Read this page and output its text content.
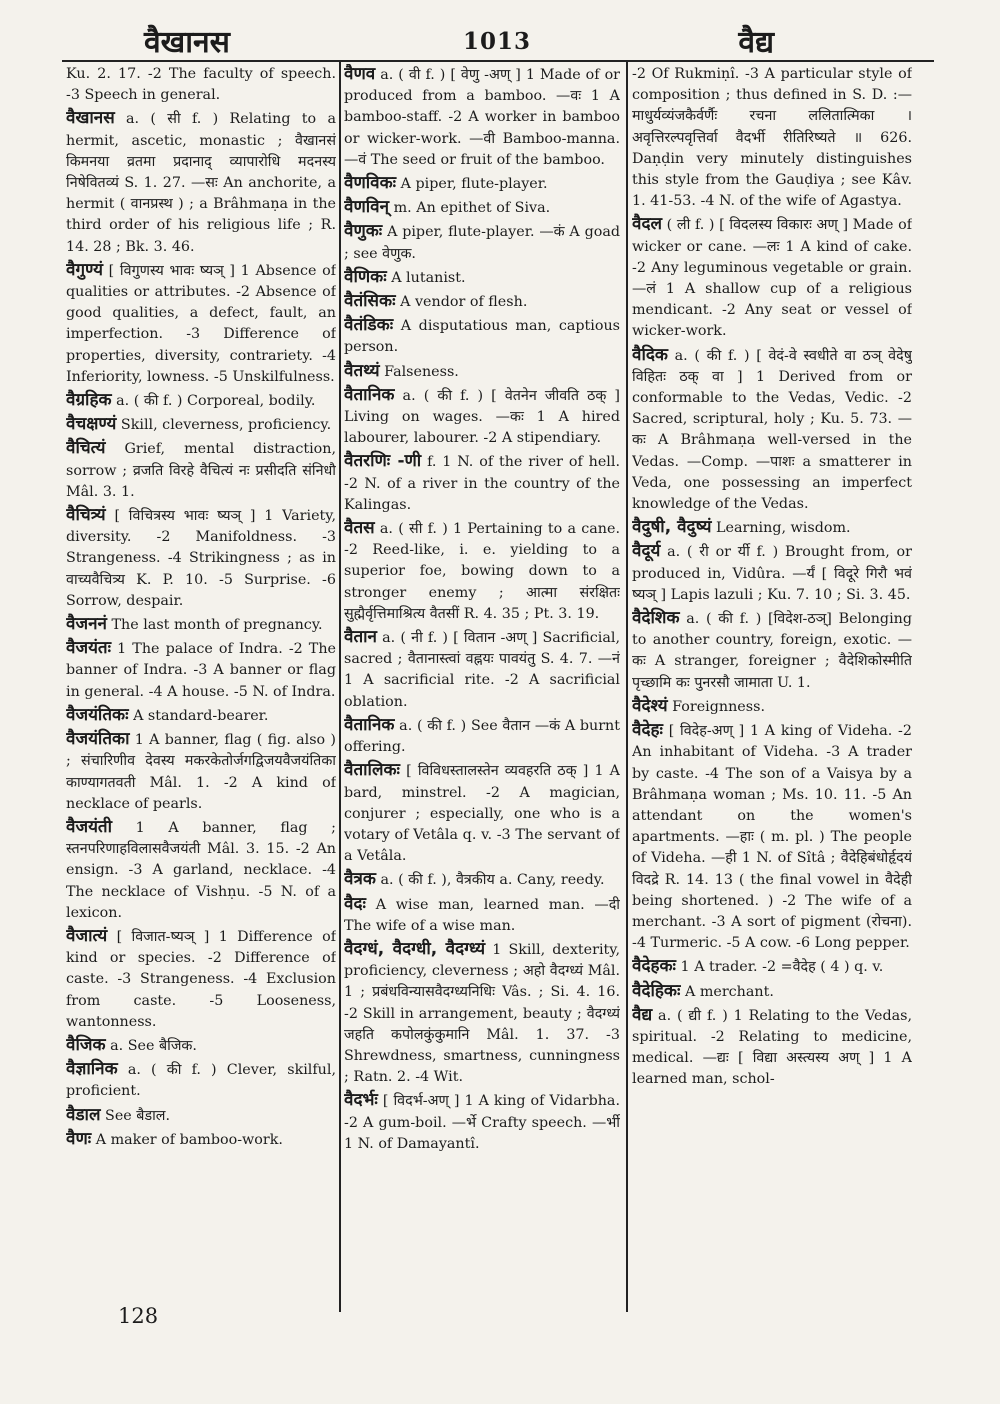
वैखानस	1013	वैद्य

Ku. 2. 17. -2 The faculty of speech. -3 Speech in general.

वैखानस a. ( सी f. ) Relating to a hermit, ascetic, monastic ; वैखानसं किमनया व्रतमा प्रदानाद् व्यापारोधि मदनस्य निषेवितव्यं S. 1. 27. —सः An anchorite, a hermit ( वानप्रस्थ ) ; a Brâhmaṇa in the third order of his religious life ; R. 14. 28 ; Bk. 3. 46.

वैगुण्यं [ विगुणस्य भावः ष्यञ् ] 1 Absence of qualities or attributes. -2 Absence of good qualities, a defect, fault, an imperfection. -3 Difference of properties, diversity, contrariety. -4 Inferiority, lowness. -5 Unskilfulness.

वैग्रहिक a. ( की f. ) Corporeal, bodily.

वैचक्षण्यं Skill, cleverness, proficiency.

वैचित्यं Grief, mental distraction, sorrow ; व्रजति विरहे वैचित्यं नः प्रसीदति संनिधौ Mâl. 3. 1.

वैचित्र्यं [ विचित्रस्य भावः ष्यञ् ] 1 Variety, diversity. -2 Manifoldness. -3 Strangeness. -4 Strikingness ; as in वाच्यवैचित्र्य K. P. 10. -5 Surprise. -6 Sorrow, despair.

वैजननं The last month of pregnancy.

वैजयंतः 1 The palace of Indra. -2 The banner of Indra. -3 A banner or flag in general. -4 A house. -5 N. of Indra.

वैजयंतिकः A standard-bearer.

वैजयंतिका 1 A banner, flag ( fig. also ) ; संचारिणीव देवस्य मकरकेतोर्जगद्विजयवैजयंतिका काण्यागतवती Mâl. 1. -2 A kind of necklace of pearls.

वैजयंती 1 A banner, flag ; स्तनपरिणाहविलासवैजयंती Mâl. 3. 15. -2 An ensign. -3 A garland, necklace. -4 The necklace of Vishṇu. -5 N. of a lexicon.

वैजात्यं [ विजात-ष्यञ् ] 1 Difference of kind or species. -2 Difference of caste. -3 Strangeness. -4 Exclusion from caste. -5 Looseness, wantonness.

वैजिक a. See बैजिक.

वैज्ञानिक a. ( की f. ) Clever, skilful, proficient.

वैडाल See बैडाल.

वैणः A maker of bamboo-work.

वैणव a. ( वी f. ) [ वेणु -अण् ] 1 Made of or produced from a bamboo. —वः 1 A bamboo-staff. -2 A worker in bamboo or wicker-work. —वी Bamboo-manna. —वं The seed or fruit of the bamboo.

वैणविकः A piper, flute-player.

वैणविन् m. An epithet of Siva.

वैणुकः A piper, flute-player. —कं A goad ; see वेणुक.

वैणिकः A lutanist.

वैतंसिकः A vendor of flesh.

वैतंडिकः A disputatious man, captious person.

वैतथ्यं Falseness.

वैतानिक a. ( की f. ) [ वेतनेन जीवति ठक् ] Living on wages. —कः 1 A hired labourer, labourer. -2 A stipendiary.

वैतरणिः -णी f. 1 N. of the river of hell. -2 N. of a river in the country of the Kalingas.

वैतस a. ( सी f. ) 1 Pertaining to a cane. -2 Reed-like, i. e. yielding to a superior foe, bowing down to a stronger enemy ; आत्मा संरक्षितः सुह्मैर्वृत्तिमाश्रित्य वैतसीं R. 4. 35 ; Pt. 3. 19.

वैतान a. ( नी f. ) [ वितान -अण् ] Sacrificial, sacred ; वैतानास्त्वां वह्नयः पावयंतु S. 4. 7. —नं 1 A sacrificial rite. -2 A sacrificial oblation.

वैतानिक a. ( की f. ) See वैतान —कं A burnt offering.

वैतालिकः [ विविधस्तालस्तेन व्यवहरति ठक् ] 1 A bard, minstrel. -2 A magician, conjurer ; especially, one who is a votary of Vetâla q. v. -3 The servant of a Vetâla.

वैत्रक a. ( की f. ), वैत्रकीय a. Cany, reedy.

वैदः A wise man, learned man. —दी The wife of a wise man.

वैदग्धं, वैदग्धी, वैदग्ध्यं 1 Skill, dexterity, proficiency, cleverness ; अहो वैदग्ध्यं Mâl. 1 ; प्रबंधविन्यासवैदग्ध्यनिधिः Vâs. ; Si. 4. 16. -2 Skill in arrangement, beauty ; वैदग्ध्यं जहति कपोलकुंकुमानि Mâl. 1. 37. -3 Shrewdness, smartness, cunningness ; Ratn. 2. -4 Wit.

वैदर्भः [ विदर्भ-अण् ] 1 A king of Vidarbha. -2 A gum-boil. —र्भे Crafty speech. —र्भी 1 N. of Damayantî.

-2 Of Rukmiṇî. -3 A particular style of composition ; thus defined in S. D. :—माधुर्यव्यंजकैर्वर्णैः रचना ललितात्मिका । अवृत्तिरल्पवृत्तिर्वा वैदर्भी रीतिरिष्यते ॥ 626. Daṇḍin very minutely distinguishes this style from the Gauḍiya ; see Kâv. 1. 41-53. -4 N. of the wife of Agastya.

वैदल ( ली f. ) [ विदलस्य विकारः अण् ] Made of wicker or cane. —लः 1 A kind of cake. -2 Any leguminous vegetable or grain. —लं 1 A shallow cup of a religious mendicant. -2 Any seat or vessel of wicker-work.

वैदिक a. ( की f. ) [ वेदं-वे स्वधीते वा ठञ् वेदेषु विहितः ठक् वा ] 1 Derived from or conformable to the Vedas, Vedic. -2 Sacred, scriptural, holy ; Ku. 5. 73. —कः A Brâhmaṇa well-versed in the Vedas. —Comp. —पाशः a smatterer in Veda, one possessing an imperfect knowledge of the Vedas.

वैदुषी, वैदुष्यं Learning, wisdom.

वैदूर्य a. ( री or र्यी f. ) Brought from, or produced in, Vidûra. —र्यं [ विदूरे गिरौ भवं ष्यञ् ] Lapis lazuli ; Ku. 7. 10 ; Si. 3. 45.

वैदेशिक a. ( की f. ) [विदेश-ठञ्] Belonging to another country, foreign, exotic. —कः A stranger, foreigner ; वैदेशिकोस्मीति पृच्छामि कः पुनरसौ जामाता U. 1.

वैदेश्यं Foreignness.

वैदेहः [ विदेह-अण् ] 1 A king of Videha. -2 An inhabitant of Videha. -3 A trader by caste. -4 The son of a Vaisya by a Brâhmaṇa woman ; Ms. 10. 11. -5 An attendant on the women's apartments. —हाः ( m. pl. ) The people of Videha. —ही 1 N. of Sîtâ ; वैदेहिबंधोर्हृदयं विदद्रे R. 14. 13 ( the final vowel in वैदेही being shortened. ) -2 The wife of a merchant. -3 A sort of pigment (रोचना). -4 Turmeric. -5 A cow. -6 Long pepper.

वैदेहकः 1 A trader. -2 =वैदेह ( 4 ) q. v.

वैदेहिकः A merchant.

वैद्य a. ( द्यी f. ) 1 Relating to the Vedas, spiritual. -2 Relating to medicine, medical. —द्यः [ विद्या अस्त्यस्य अण् ] 1 A learned man, schol-

128
